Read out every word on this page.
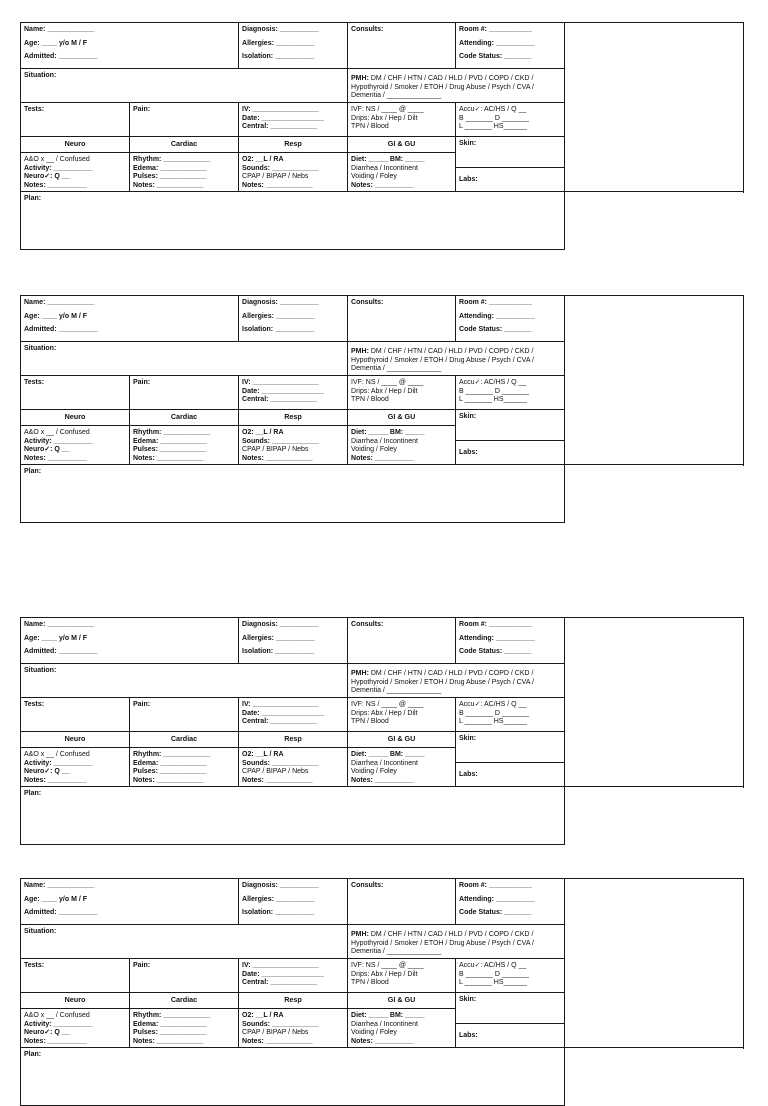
Name: ____________
Age: ____ y/o M / F
Admitted: __________		Diagnosis: __________
Allergies: __________
Isolation: __________	Consults:	Room #: ___________
Attending: __________
Code Status: _______	

Situation:			PMH: DM / CHF / HTN / CAD / HLD / PVD / COPD / CKD /
Hypothyroid / Smoker / ETOH / Drug Abuse / Psych / CVA /
Dementia / ______________		

Tests:	Pain:	IV: _________________
Date: ________________
Central: ____________	IVF: NS / ____ @ ____
Drips: Abx / Hep / Dilt
TPN / Blood	Accu✓: AC/HS / Q __
B _______ D _______
L _______ HS______	

Neuro	Cardiac	Resp	GI & GU	Skin:	

A&O x __ / Confused
Activity: __________
Neuro✓: Q __
Notes: __________	Rhythm: ____________
Edema: ____________
Pulses: ____________
Notes: ____________	O2: __L / RA
Sounds: ____________
CPAP / BIPAP / Nebs
Notes: ____________	Diet: _____ BM: _____
Diarrhea / Incontinent
Voiding / Foley
Notes: __________		

				Labs:	

Plan:					
Name: ____________
Age: ____ y/o M / F
Admitted: __________		Diagnosis: __________
Allergies: __________
Isolation: __________	Consults:	Room #: ___________
Attending: __________
Code Status: _______	

Situation:			PMH: DM / CHF / HTN / CAD / HLD / PVD / COPD / CKD /
Hypothyroid / Smoker / ETOH / Drug Abuse / Psych / CVA /
Dementia / ______________		

Tests:	Pain:	IV: _________________
Date: ________________
Central: ____________	IVF: NS / ____ @ ____
Drips: Abx / Hep / Dilt
TPN / Blood	Accu✓: AC/HS / Q __
B _______ D _______
L _______ HS______	

Neuro	Cardiac	Resp	GI & GU	Skin:	

A&O x __ / Confused
Activity: __________
Neuro✓: Q __
Notes: __________	Rhythm: ____________
Edema: ____________
Pulses: ____________
Notes: ____________	O2: __L / RA
Sounds: ____________
CPAP / BIPAP / Nebs
Notes: ____________	Diet: _____ BM: _____
Diarrhea / Incontinent
Voiding / Foley
Notes: __________		

				Labs:	

Plan:					
Name: ____________
Age: ____ y/o M / F
Admitted: __________		Diagnosis: __________
Allergies: __________
Isolation: __________	Consults:	Room #: ___________
Attending: __________
Code Status: _______	

Situation:			PMH: DM / CHF / HTN / CAD / HLD / PVD / COPD / CKD /
Hypothyroid / Smoker / ETOH / Drug Abuse / Psych / CVA /
Dementia / ______________		

Tests:	Pain:	IV: _________________
Date: ________________
Central: ____________	IVF: NS / ____ @ ____
Drips: Abx / Hep / Dilt
TPN / Blood	Accu✓: AC/HS / Q __
B _______ D _______
L _______ HS______	

Neuro	Cardiac	Resp	GI & GU	Skin:	

A&O x __ / Confused
Activity: __________
Neuro✓: Q __
Notes: __________	Rhythm: ____________
Edema: ____________
Pulses: ____________
Notes: ____________	O2: __L / RA
Sounds: ____________
CPAP / BIPAP / Nebs
Notes: ____________	Diet: _____ BM: _____
Diarrhea / Incontinent
Voiding / Foley
Notes: __________		

				Labs:	

Plan:					
Name: ____________
Age: ____ y/o M / F
Admitted: __________		Diagnosis: __________
Allergies: __________
Isolation: __________	Consults:	Room #: ___________
Attending: __________
Code Status: _______	

Situation:			PMH: DM / CHF / HTN / CAD / HLD / PVD / COPD / CKD /
Hypothyroid / Smoker / ETOH / Drug Abuse / Psych / CVA /
Dementia / ______________		

Tests:	Pain:	IV: _________________
Date: ________________
Central: ____________	IVF: NS / ____ @ ____
Drips: Abx / Hep / Dilt
TPN / Blood	Accu✓: AC/HS / Q __
B _______ D _______
L _______ HS______	

Neuro	Cardiac	Resp	GI & GU	Skin:	

A&O x __ / Confused
Activity: __________
Neuro✓: Q __
Notes: __________	Rhythm: ____________
Edema: ____________
Pulses: ____________
Notes: ____________	O2: __L / RA
Sounds: ____________
CPAP / BIPAP / Nebs
Notes: ____________	Diet: _____ BM: _____
Diarrhea / Incontinent
Voiding / Foley
Notes: __________		

				Labs:	

Plan:					
